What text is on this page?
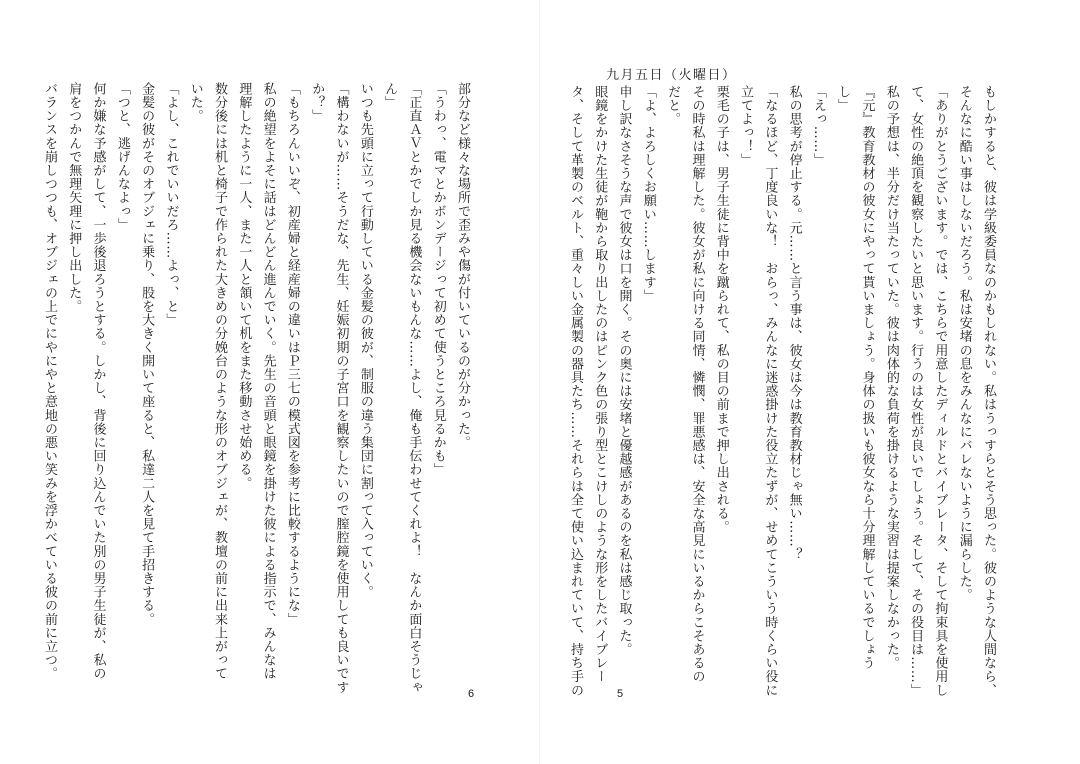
部分など様々な場所で歪みや傷が付いているのが分かった。
「うわっ、電マとかボンデージって初めて使うところ見るかも」
「正直ＡＶとかでしか見る機会ないもんな……よし、俺も手伝わせてくれよ！　なんか面白そうじゃ
ん」
いつも先頭に立って行動している金髪の彼が、制服の違う集団に割って入っていく。
「構わないが……そうだな、先生、妊娠初期の子宮口を観察したいので膣腔鏡を使用しても良いです
か？」
「もちろんいいぞ、初産婦と経産婦の違いはＰ三七の模式図を参考に比較するようにな」
私の絶望をよそに話はどんどん進んでいく。先生の音頭と眼鏡を掛けた彼による指示で、みんなは
理解したように一人、また一人と頷いて机をまた移動させ始める。
数分後には机と椅子で作られた大きめの分娩台のような形のオブジェが、教壇の前に出来上がって
いた。
「よし、これでいいだろ……よっ、と」
金髪の彼がそのオブジェに乗り、股を大きく開いて座ると、私達二人を見て手招きする。
「つと、逃げんなよっ」
何か嫌な予感がして、一歩後退ろうとする。しかし、背後に回り込んでいた別の男子生徒が、私の
肩をつかんで無理矢理に押し出した。
バランスを崩しつつも、オブジェの上でにやにやと意地の悪い笑みを浮かべている彼の前に立つ。
6
九月五日（火曜日）
もしかすると、彼は学級委員なのかもしれない。私はうっすらとそう思った。彼のような人間なら、
そんなに酷い事はしないだろう。私は安堵の息をみんなにバレないように漏らした。
「ありがとうございます。では、こちらで用意したディルドとバイブレータ、そして拘束具を使用し
て、女性の絶頂を観察したいと思います。行うのは女性が良いでしょう。そして、その役目は……」
私の予想は、半分だけ当たっていた。彼は肉体的な負荷を掛けるような実習は提案しなかった。
『元』教育教材の彼女にやって貰いましょう。身体の扱いも彼女なら十分理解しているでしょう
し」
「えっ……」
私の思考が停止する。元……と言う事は、彼女は今は教育教材じゃ無い……？
「なるほど、丁度良いな！　おらっ、みんなに迷惑掛けた役立たずが、せめてこういう時くらい役に
立てよっ！」
栗毛の子は、男子生徒に背中を蹴られて、私の目の前まで押し出される。
その時私は理解した。彼女が私に向ける同情、憐憫、罪悪感は、安全な高見にいるからこそあるの
だと。
「よ、よろしくお願い……します」
申し訳なさそうな声で彼女は口を開く。その奥には安堵と優越感があるのを私は感じ取った。
眼鏡をかけた生徒が鞄から取り出したのはピンク色の張り型とこけしのような形をしたバイブレー
タ、そして革製のベルト、重々しい金属製の器具たち……それらは全て使い込まれていて、持ち手の	5
